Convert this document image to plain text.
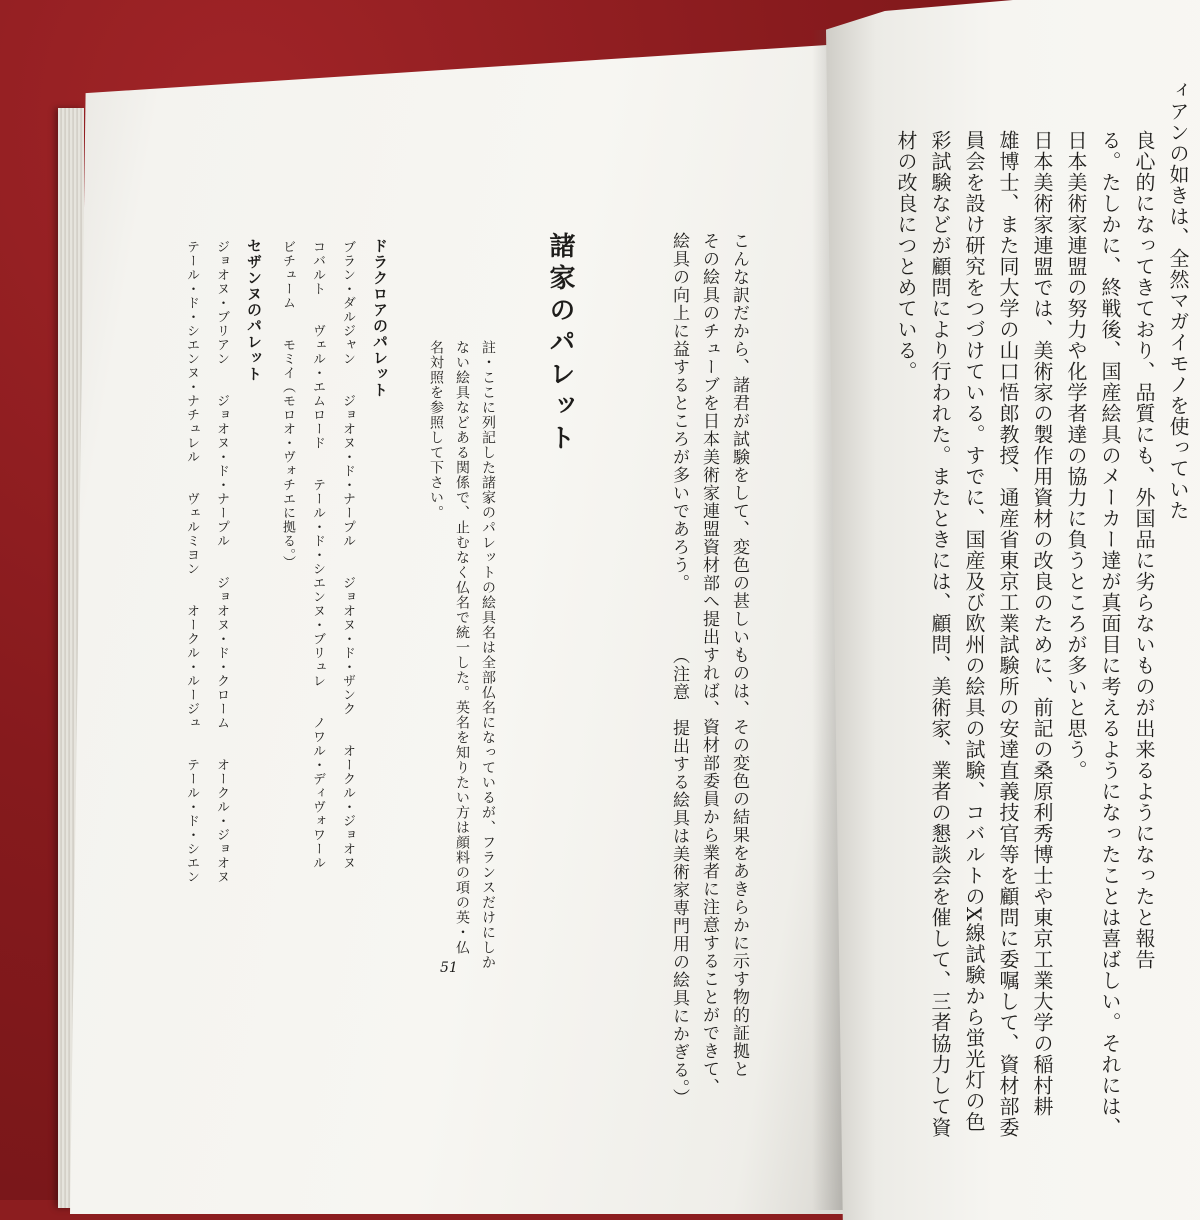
ィアンの如きは、全然マガイモノを使っていた
良心的になってきており、品質にも、外国品に劣らないものが出来るようになったと報告
る。たしかに、終戦後、国産絵具のメーカー達が真面目に考えるようになったことは喜ばしい。それには、
日本美術家連盟の努力や化学者達の協力に負うところが多いと思う。
日本美術家連盟では、美術家の製作用資材の改良のために、前記の桑原利秀博士や東京工業大学の稲村耕
雄博士、また同大学の山口悟郎教授、通産省東京工業試験所の安達直義技官等を顧問に委嘱して、資材部委
員会を設け研究をつづけている。すでに、国産及び欧州の絵具の試験、コバルトのX線試験から蛍光灯の色
彩試験などが顧問により行われた。またときには、顧問、美術家、業者の懇談会を催して、三者協力して資
材の改良につとめている。
こんな訳だから、諸君が試験をして、変色の甚しいものは、その変色の結果をあきらかに示す物的証拠と
その絵具のチューブを日本美術家連盟資材部へ提出すれば、資材部委員から業者に注意することができて、
絵具の向上に益するところが多いであろう。　　　　（注意　提出する絵具は美術家専門用の絵具にかぎる。）
諸家のパレット
註・ここに列記した諸家のパレットの絵具名は全部仏名になっているが、フランスだけにしか
ない絵具などある関係で、止むなく仏名で統一した。英名を知りたい方は顔料の項の英・仏
名対照を参照して下さい。
ドラクロアのパレット
ブラン・ダルジャン　　ジョオヌ・ド・ナープル　　ジョオヌ・ド・ザンク　　オークル・ジョオヌ
コバルト　　ヴェル・エムロード　　テール・ド・シエンヌ・ブリュレ　　ノワル・ディヴォワール
ビチューム　　モミイ（モロオ・ヴォチエに拠る。）
セザンヌのパレット
ジョオヌ・ブリアン　　ジョオヌ・ド・ナープル　　ジョオヌ・ド・クローム　　オークル・ジョオヌ
テール・ド・シエンヌ・ナチュレル　　ヴェルミヨン　　オークル・ルージュ　　テール・ド・シエン
51
